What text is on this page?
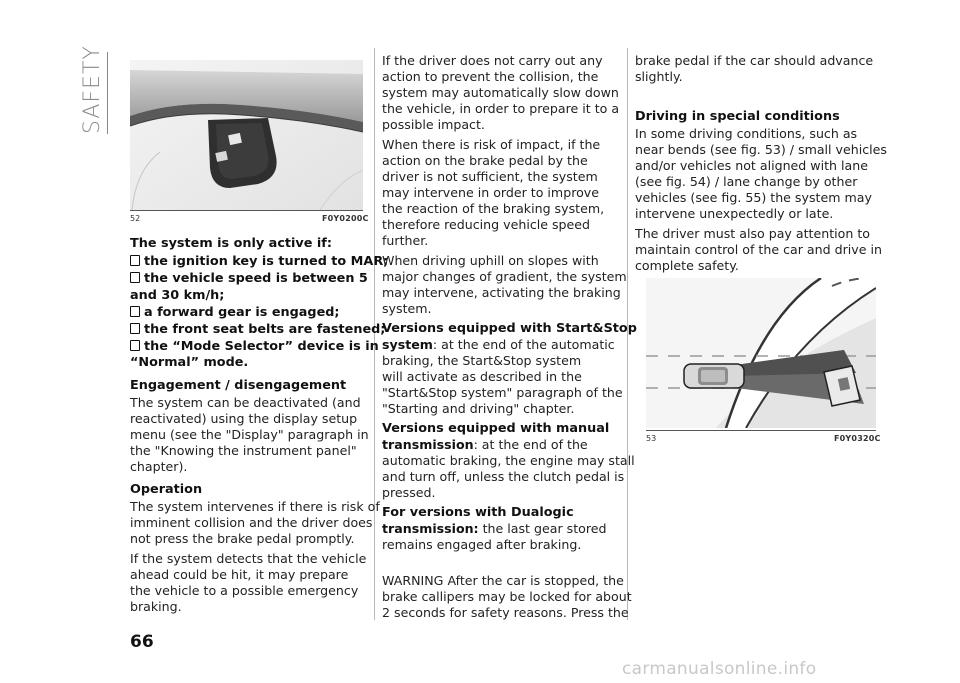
SAFETY
52	F0Y0200C
The system is only active if:
the ignition key is turned to MAR;
the vehicle speed is between 5
and 30 km/h;
a forward gear is engaged;
the front seat belts are fastened;
the “Mode Selector” device is in
“Normal” mode.
Engagement / disengagement
The system can be deactivated (and
reactivated) using the display setup
menu (see the "Display" paragraph in
the "Knowing the instrument panel"
chapter).
Operation
The system intervenes if there is risk of
imminent collision and the driver does
not press the brake pedal promptly.
If the system detects that the vehicle
ahead could be hit, it may prepare
the vehicle to a possible emergency
braking.
If the driver does not carry out any
action to prevent the collision, the
system may automatically slow down
the vehicle, in order to prepare it to a
possible impact.
When there is risk of impact, if the
action on the brake pedal by the
driver is not sufficient, the system
may intervene in order to improve
the reaction of the braking system,
therefore reducing vehicle speed
further.
When driving uphill on slopes with
major changes of gradient, the system
may intervene, activating the braking
system.
Versions equipped with Start&Stop
system: at the end of the automatic
braking, the Start&Stop system
will activate as described in the
"Start&Stop system" paragraph of the
"Starting and driving" chapter.
Versions equipped with manual
transmission: at the end of the
automatic braking, the engine may stall
and turn off, unless the clutch pedal is
pressed.
For versions with Dualogic
transmission: the last gear stored
remains engaged after braking.
WARNING After the car is stopped, the
brake callipers may be locked for about
2 seconds for safety reasons. Press the
brake pedal if the car should advance
slightly.
Driving in special conditions
In some driving conditions, such as
near bends (see fig. 53) / small vehicles
and/or vehicles not aligned with lane
(see fig. 54) / lane change by other
vehicles (see fig. 55) the system may
intervene unexpectedly or late.
The driver must also pay attention to
maintain control of the car and drive in
complete safety.
53	F0Y0320C
66
carmanualsonline.info
